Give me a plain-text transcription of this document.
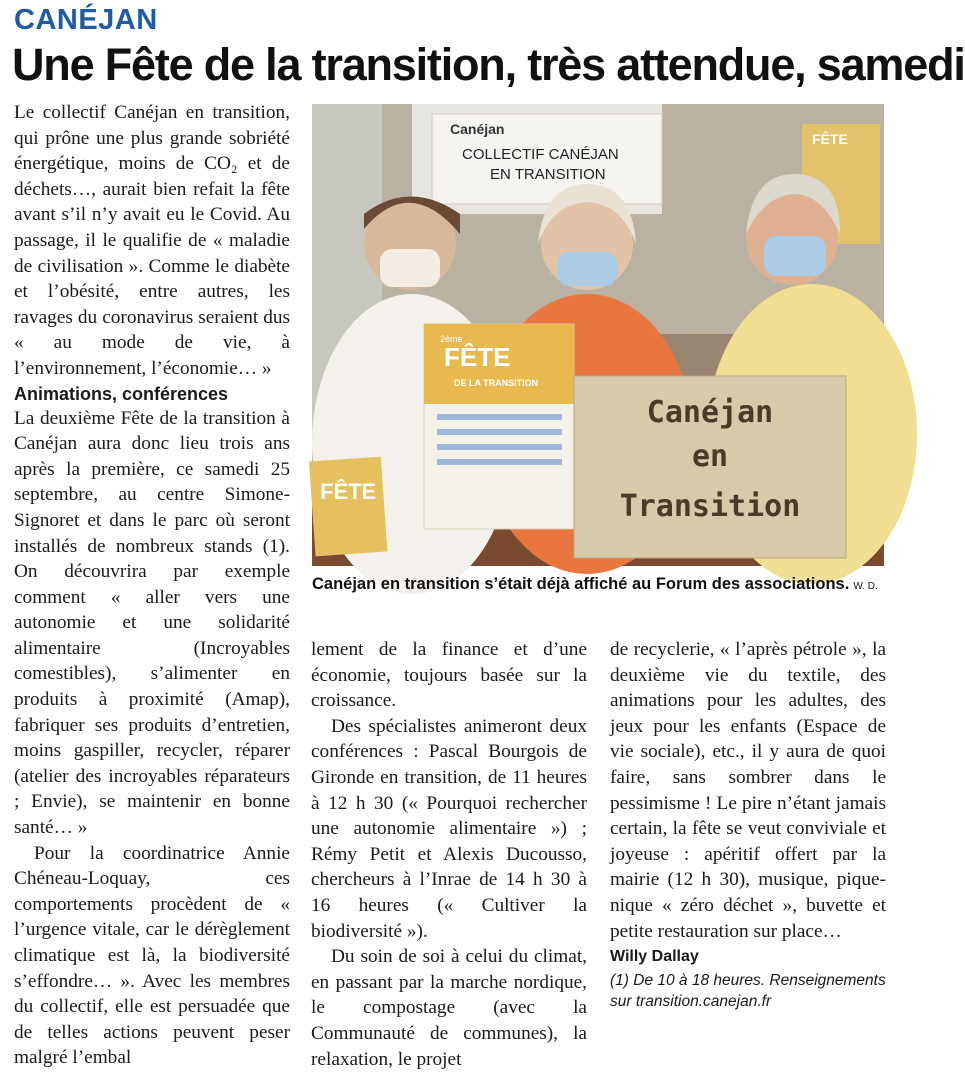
CANÉJAN
Une Fête de la transition, très attendue, samedi

Le collectif Canéjan en transition, qui prône une plus grande sobriété énergétique, moins de CO₂ et de déchets…, aurait bien refait la fête avant s’il n’y avait eu le Covid. Au passage, il le qualifie de « maladie de civilisation ». Comme le diabète et l’obésité, entre autres, les ravages du coronavirus seraient dus « au mode de vie, à l’environnement, l’économie… »

Animations, conférences

La deuxième Fête de la transition à Canéjan aura donc lieu trois ans après la première, ce samedi 25 septembre, au centre Simone-Signoret et dans le parc où seront installés de nombreux stands (1). On découvrira par exemple comment « aller vers une autonomie et une solidarité alimentaire (Incroyables comestibles), s’alimenter en produits à proximité (Amap), fabriquer ses produits d’entretien, moins gaspiller, recycler, réparer (atelier des incroyables réparateurs ; Envie), se maintenir en bonne santé… »

Pour la coordinatrice Annie Chéneau-Loquay, ces comportements procèdent de « l’urgence vitale, car le dérèglement climatique est là, la biodiversité s’effondre… ». Avec les membres du collectif, elle est persuadée que de telles actions peuvent peser malgré l’embal

Canéjan
COLLECTIF CANÉJAN
EN TRANSITION
FÊTE
2ème
FÊTE
DE LA TRANSITION
FÊTE
Canéjan
en
Transition
Canéjan en transition s’était déjà affiché au Forum des associations. W. D.

lement de la finance et d’une économie, toujours basée sur la croissance.

Des spécialistes animeront deux conférences : Pascal Bourgois de Gironde en transition, de 11 heures à 12 h 30 (« Pourquoi rechercher une autonomie alimentaire ») ; Rémy Petit et Alexis Ducousso, chercheurs à l’Inrae de 14 h 30 à 16 heures (« Cultiver la biodiversité »).

Du soin de soi à celui du climat, en passant par la marche nordique, le compostage (avec la Communauté de communes), la relaxation, le projet

de recyclerie, « l’après pétrole », la deuxième vie du textile, des animations pour les adultes, des jeux pour les enfants (Espace de vie sociale), etc., il y aura de quoi faire, sans sombrer dans le pessimisme ! Le pire n’étant jamais certain, la fête se veut conviviale et joyeuse : apéritif offert par la mairie (12 h 30), musique, pique-nique « zéro déchet », buvette et petite restauration sur place…

Willy Dallay

(1) De 10 à 18 heures. Renseignements sur transition.canejan.fr
